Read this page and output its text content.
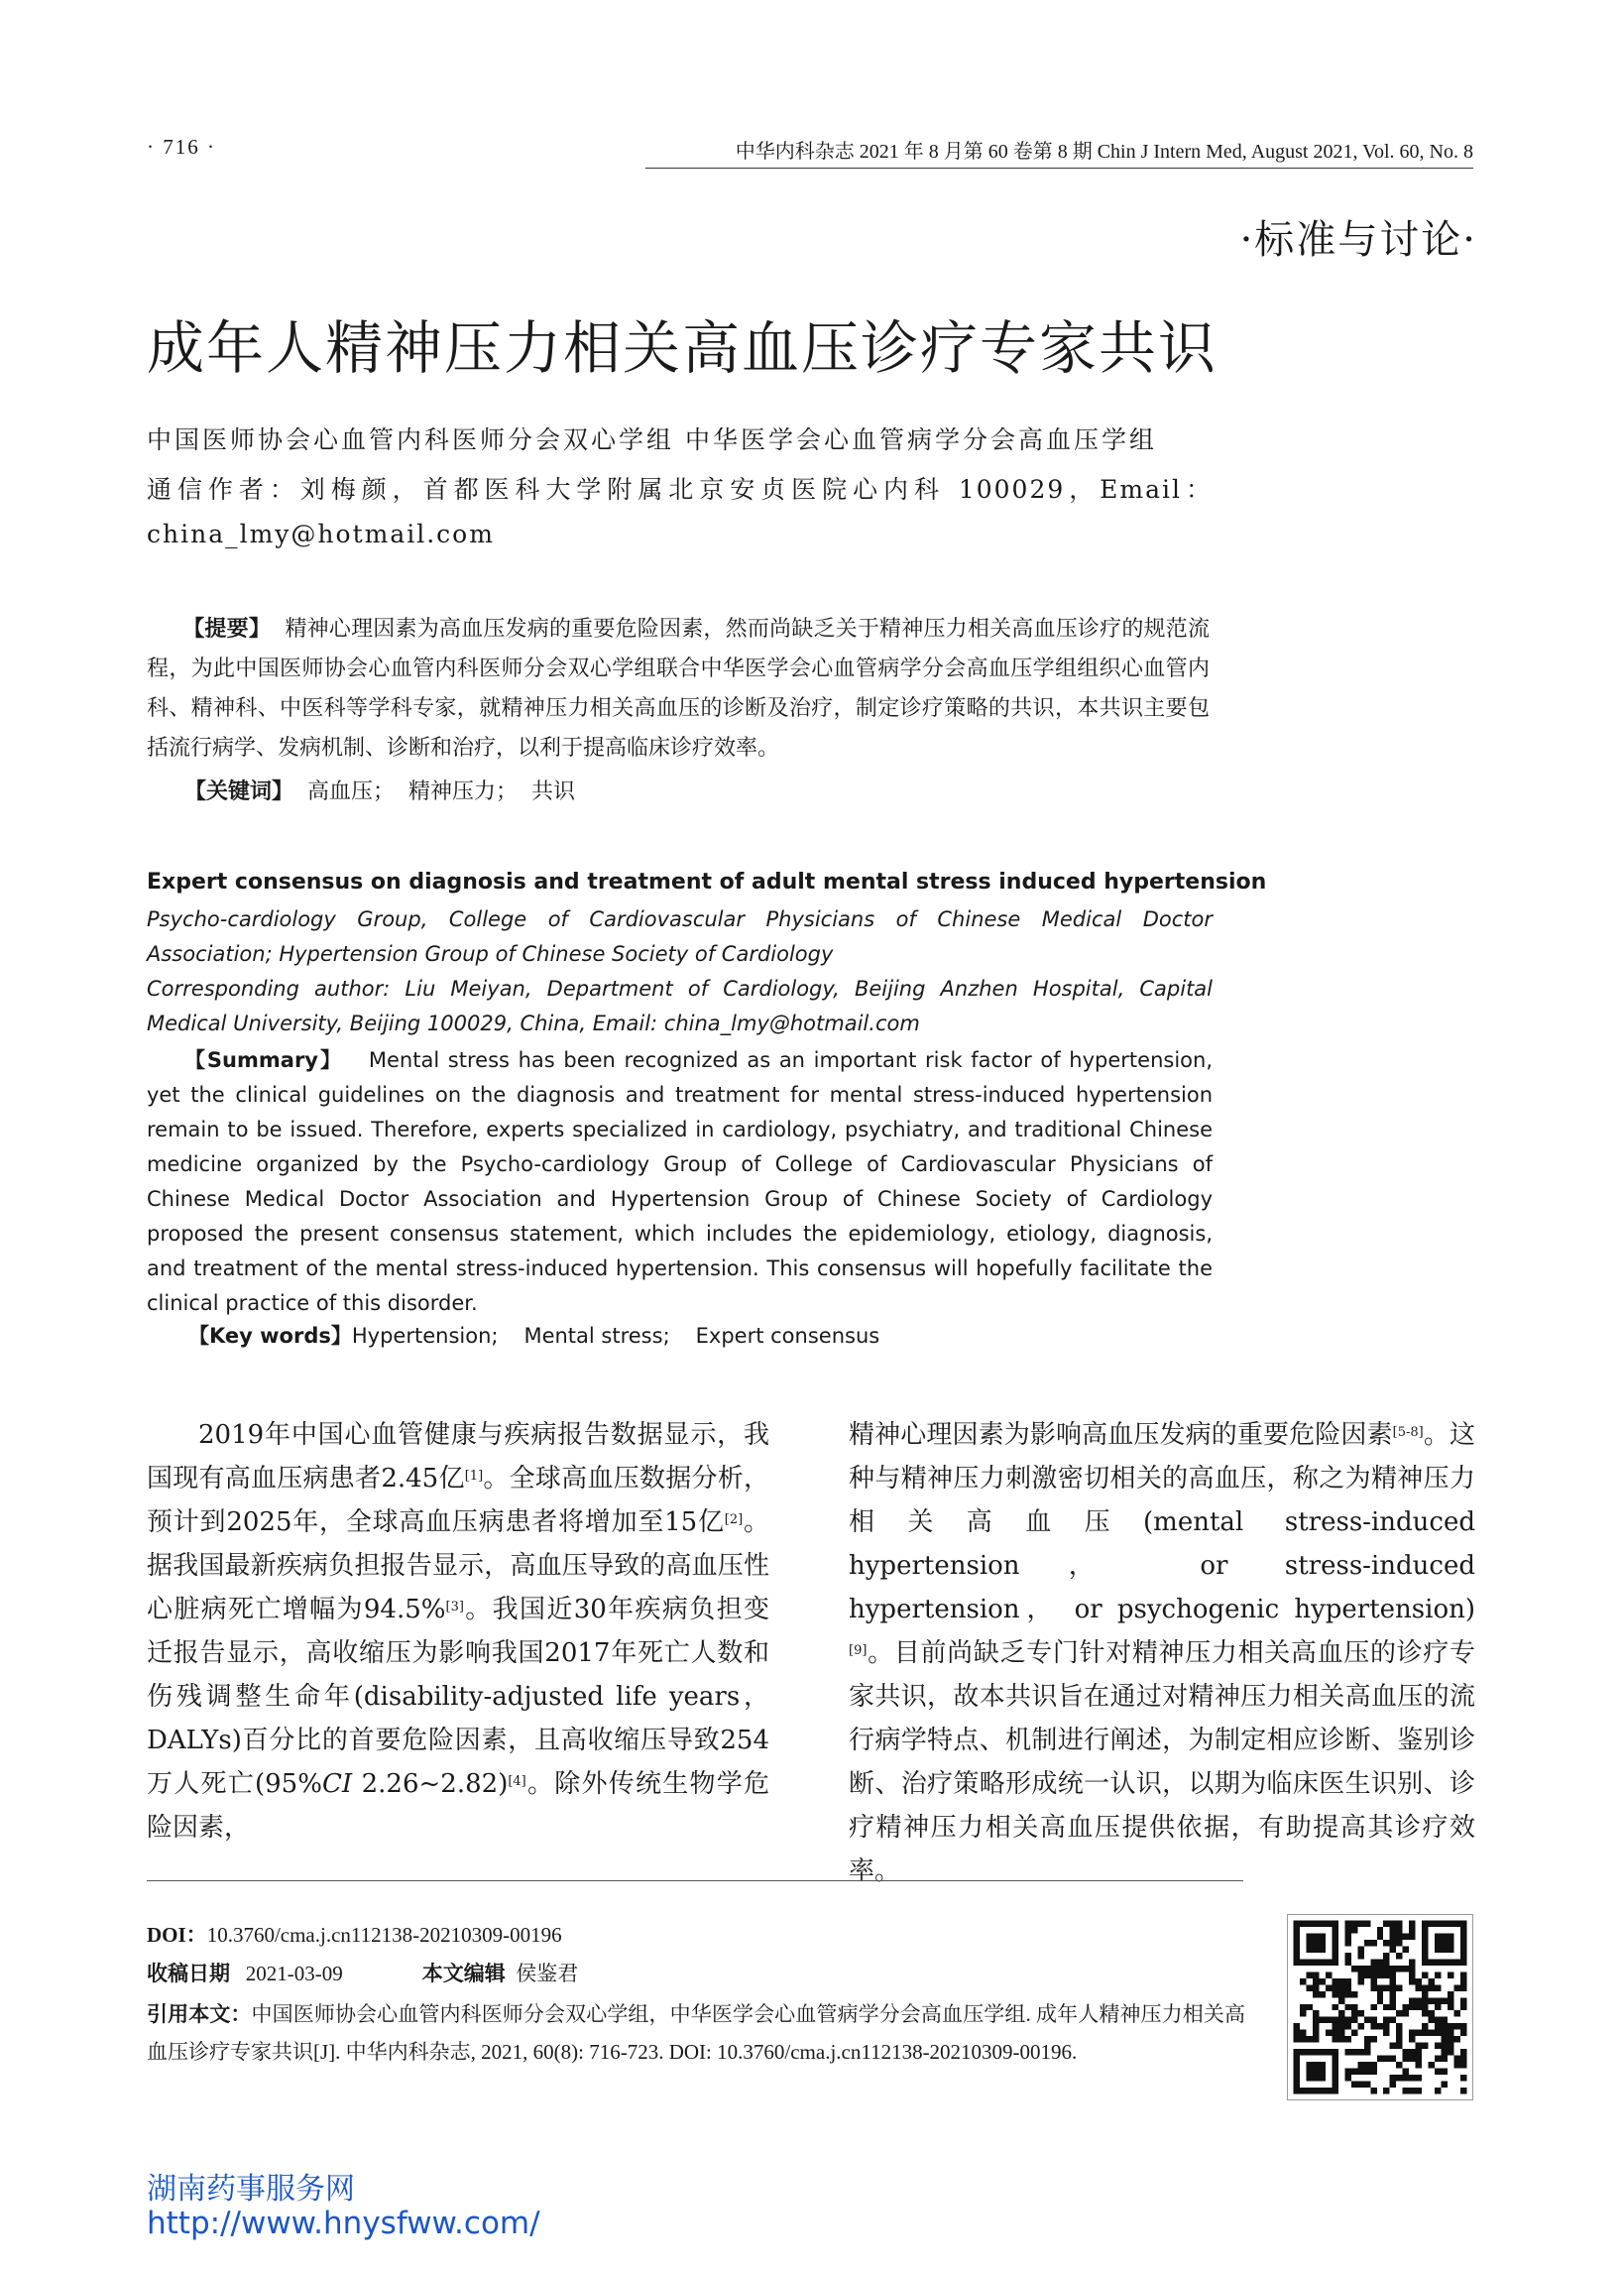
· 716 ·	中华内科杂志 2021 年 8 月第 60 卷第 8 期 Chin J Intern Med, August 2021, Vol. 60, No. 8
·标准与讨论·
成年人精神压力相关高血压诊疗专家共识
中国医师协会心血管内科医师分会双心学组 中华医学会心血管病学分会高血压学组
通信作者：刘梅颜，首都医科大学附属北京安贞医院心内科 100029，Email：china_lmy@hotmail.com
【提要】 精神心理因素为高血压发病的重要危险因素，然而尚缺乏关于精神压力相关高血压诊疗的规范流程，为此中国医师协会心血管内科医师分会双心学组联合中华医学会心血管病学分会高血压学组组织心血管内科、精神科、中医科等学科专家，就精神压力相关高血压的诊断及治疗，制定诊疗策略的共识，本共识主要包括流行病学、发病机制、诊断和治疗，以利于提高临床诊疗效率。
【关键词】 高血压； 精神压力； 共识
Expert consensus on diagnosis and treatment of adult mental stress induced hypertension
Psycho-cardiology Group, College of Cardiovascular Physicians of Chinese Medical Doctor Association; Hypertension Group of Chinese Society of Cardiology
Corresponding author: Liu Meiyan, Department of Cardiology, Beijing Anzhen Hospital, Capital Medical University, Beijing 100029, China, Email: china_lmy@hotmail.com
【Summary】 Mental stress has been recognized as an important risk factor of hypertension, yet the clinical guidelines on the diagnosis and treatment for mental stress-induced hypertension remain to be issued. Therefore, experts specialized in cardiology, psychiatry, and traditional Chinese medicine organized by the Psycho-cardiology Group of College of Cardiovascular Physicians of Chinese Medical Doctor Association and Hypertension Group of Chinese Society of Cardiology proposed the present consensus statement, which includes the epidemiology, etiology, diagnosis, and treatment of the mental stress-induced hypertension. This consensus will hopefully facilitate the clinical practice of this disorder.
【Key words】Hypertension; Mental stress; Expert consensus
2019年中国心血管健康与疾病报告数据显示，我国现有高血压病患者2.45亿[1]。全球高血压数据分析，预计到2025年，全球高血压病患者将增加至15亿[2]。据我国最新疾病负担报告显示，高血压导致的高血压性心脏病死亡增幅为94.5%[3]。我国近30年疾病负担变迁报告显示，高收缩压为影响我国2017年死亡人数和伤残调整生命年(disability-adjusted life years，DALYs)百分比的首要危险因素，且高收缩压导致254万人死亡(95%CI 2.26~2.82)[4]。除外传统生物学危险因素，
精神心理因素为影响高血压发病的重要危险因素[5-8]。这种与精神压力刺激密切相关的高血压，称之为精神压力相关高血压(mental stress-induced hypertension， or stress-induced hypertension， or psychogenic hypertension)[9]。目前尚缺乏专门针对精神压力相关高血压的诊疗专家共识，故本共识旨在通过对精神压力相关高血压的流行病学特点、机制进行阐述，为制定相应诊断、鉴别诊断、治疗策略形成统一认识，以期为临床医生识别、诊疗精神压力相关高血压提供依据，有助提高其诊疗效率。
DOI：10.3760/cma.j.cn112138-20210309-00196
收稿日期 2021-03-09	本文编辑 侯鉴君
引用本文：中国医师协会心血管内科医师分会双心学组，中华医学会心血管病学分会高血压学组. 成年人精神压力相关高血压诊疗专家共识[J]. 中华内科杂志, 2021, 60(8): 716-723. DOI: 10.3760/cma.j.cn112138-20210309-00196.
湖南药事服务网
http://www.hnysfww.com/
